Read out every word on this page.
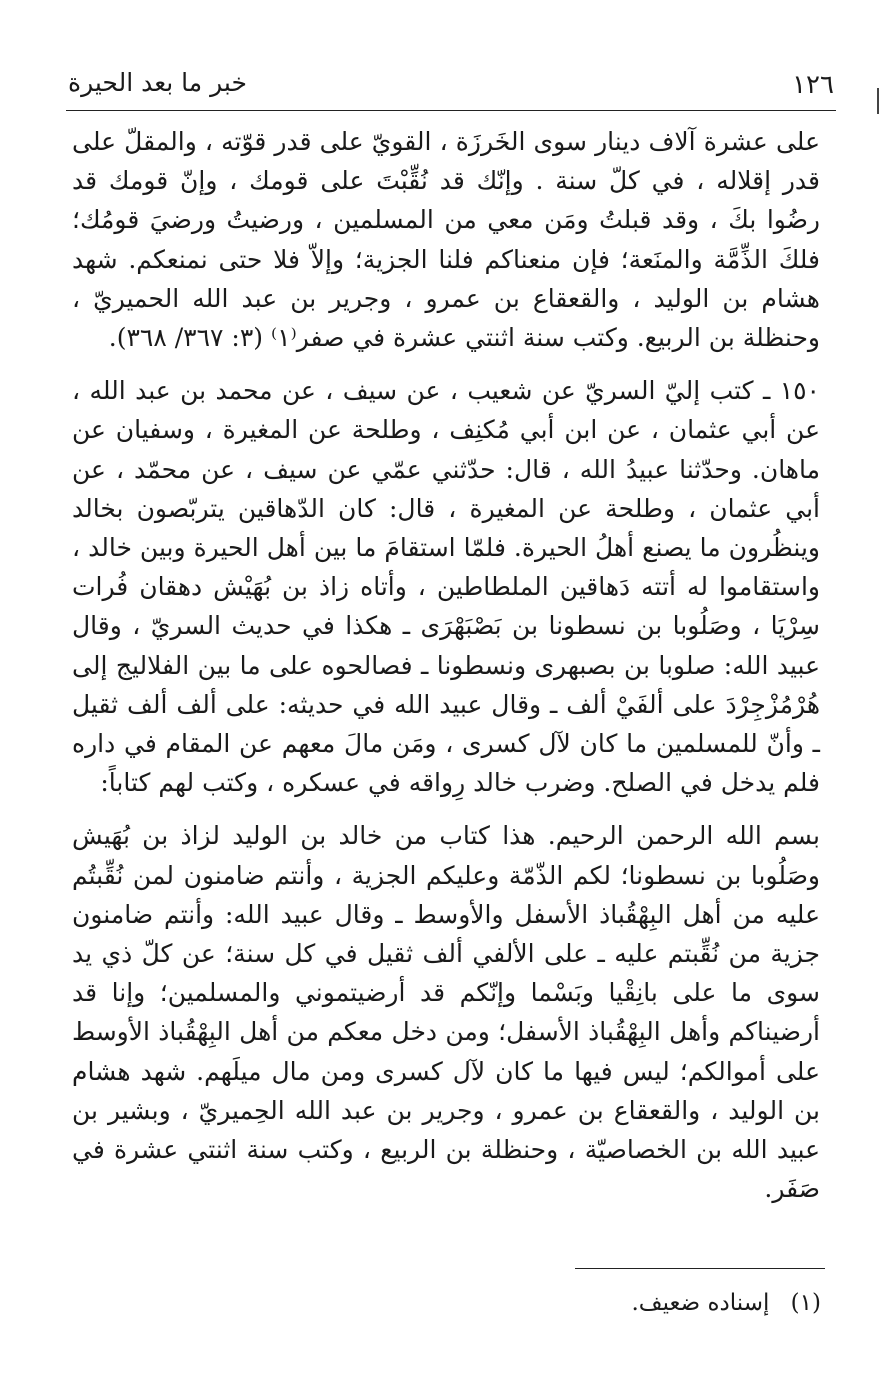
١٢٦
خبر ما بعد الحيرة

على عشرة آلاف دينار سوى الخَرزَة ، القويّ على قدر قوّته ، والمقلّ على قدر إقلاله ، في كلّ سنة . وإنّك قد نُقِّبْتَ على قومك ، وإنّ قومك قد رضُوا بكَ ، وقد قبلتُ ومَن معي من المسلمين ، ورضيتُ ورضيَ قومُك؛ فلكَ الذِّمَّة والمنَعة؛ فإن منعناكم فلنا الجزية؛ وإلاّ فلا حتى نمنعكم. شهد هشام بن الوليد ، والقعقاع بن عمرو ، وجرير بن عبد الله الحميريّ ، وحنظلة بن الربيع. وكتب سنة اثنتي عشرة في صفر⁽١⁾ (٣: ٣٦٧/ ٣٦٨).

١٥٠ ـ كتب إليّ السريّ عن شعيب ، عن سيف ، عن محمد بن عبد الله ، عن أبي عثمان ، عن ابن أبي مُكنِف ، وطلحة عن المغيرة ، وسفيان عن ماهان. وحدّثنا عبيدُ الله ، قال: حدّثني عمّي عن سيف ، عن محمّد ، عن أبي عثمان ، وطلحة عن المغيرة ، قال: كان الدّهاقين يتربّصون بخالد وينظُرون ما يصنع أهلُ الحيرة. فلمّا استقامَ ما بين أهل الحيرة وبين خالد ، واستقاموا له أتته دَهاقين الملطاطين ، وأتاه زاذ بن بُهَيْش دهقان فُرات سِرْيَا ، وصَلُوبا بن نسطونا بن بَصْبَهْرَى ـ هكذا في حديث السريّ ، وقال عبيد الله: صلوبا بن بصبهرى ونسطونا ـ فصالحوه على ما بين الفلاليج إلى هُرْمُزْجِرْدَ على ألفَيْ ألف ـ وقال عبيد الله في حديثه: على ألف ألف ثقيل ـ وأنّ للمسلمين ما كان لآل كسرى ، ومَن مالَ معهم عن المقام في داره فلم يدخل في الصلح. وضرب خالد رِواقه في عسكره ، وكتب لهم كتاباً:

بسم الله الرحمن الرحيم. هذا كتاب من خالد بن الوليد لزاذ بن بُهَيش وصَلُوبا بن نسطونا؛ لكم الذّمّة وعليكم الجزية ، وأنتم ضامنون لمن نُقِّبتُم عليه من أهل البِهْقُباذ الأسفل والأوسط ـ وقال عبيد الله: وأنتم ضامنون جزية من نُقِّبتم عليه ـ على الألفي ألف ثقيل في كل سنة؛ عن كلّ ذي يد سوى ما على بانِقْيا وبَسْما وإنّكم قد أرضيتموني والمسلمين؛ وإنا قد أرضيناكم وأهل البِهْقُباذ الأسفل؛ ومن دخل معكم من أهل البِهْقُباذ الأوسط على أموالكم؛ ليس فيها ما كان لآل كسرى ومن مال ميلَهم. شهد هشام بن الوليد ، والقعقاع بن عمرو ، وجرير بن عبد الله الحِميريّ ، وبشير بن عبيد الله بن الخصاصيّة ، وحنظلة بن الربيع ، وكتب سنة اثنتي عشرة في صَفَر.

(١) إسناده ضعيف.
